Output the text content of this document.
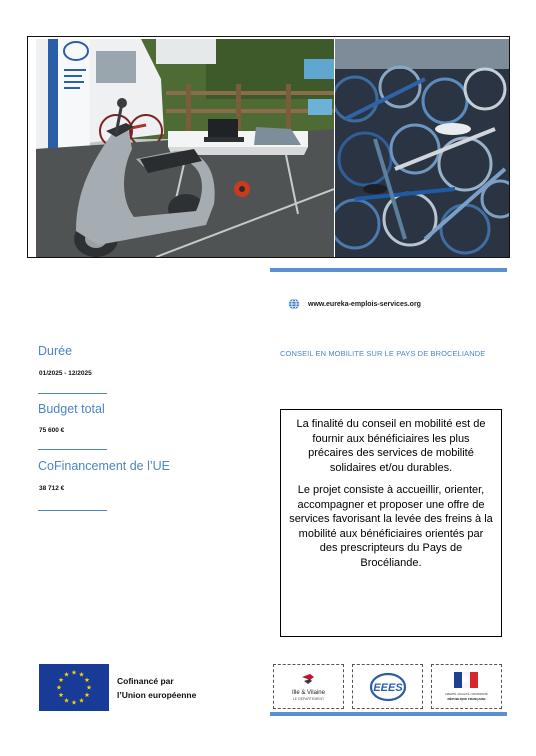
www.eureka-emplois-services.org
Durée
01/2025 - 12/2025
Budget total
75 600 €
CoFinancement de l’UE
38 712 €
CONSEIL EN MOBILITE SUR LE PAYS DE BROCELIANDE

La finalité du conseil en mobilité est de fournir aux bénéficiaires les plus précaires des services de mobilité solidaires et/ou durables.

Le projet consiste à accueillir, orienter, accompagner et proposer une offre de services favorisant la levée des freins à la mobilité aux bénéficiaires orientés par des prescripteurs du Pays de Brocéliande.

Cofinancé par
l’Union européenne	Ille & Vilaine
LE DÉPARTEMENT
EEES
LIBERTÉ • ÉGALITÉ • FRATERNITÉ
RÉPUBLIQUE FRANÇAISE
